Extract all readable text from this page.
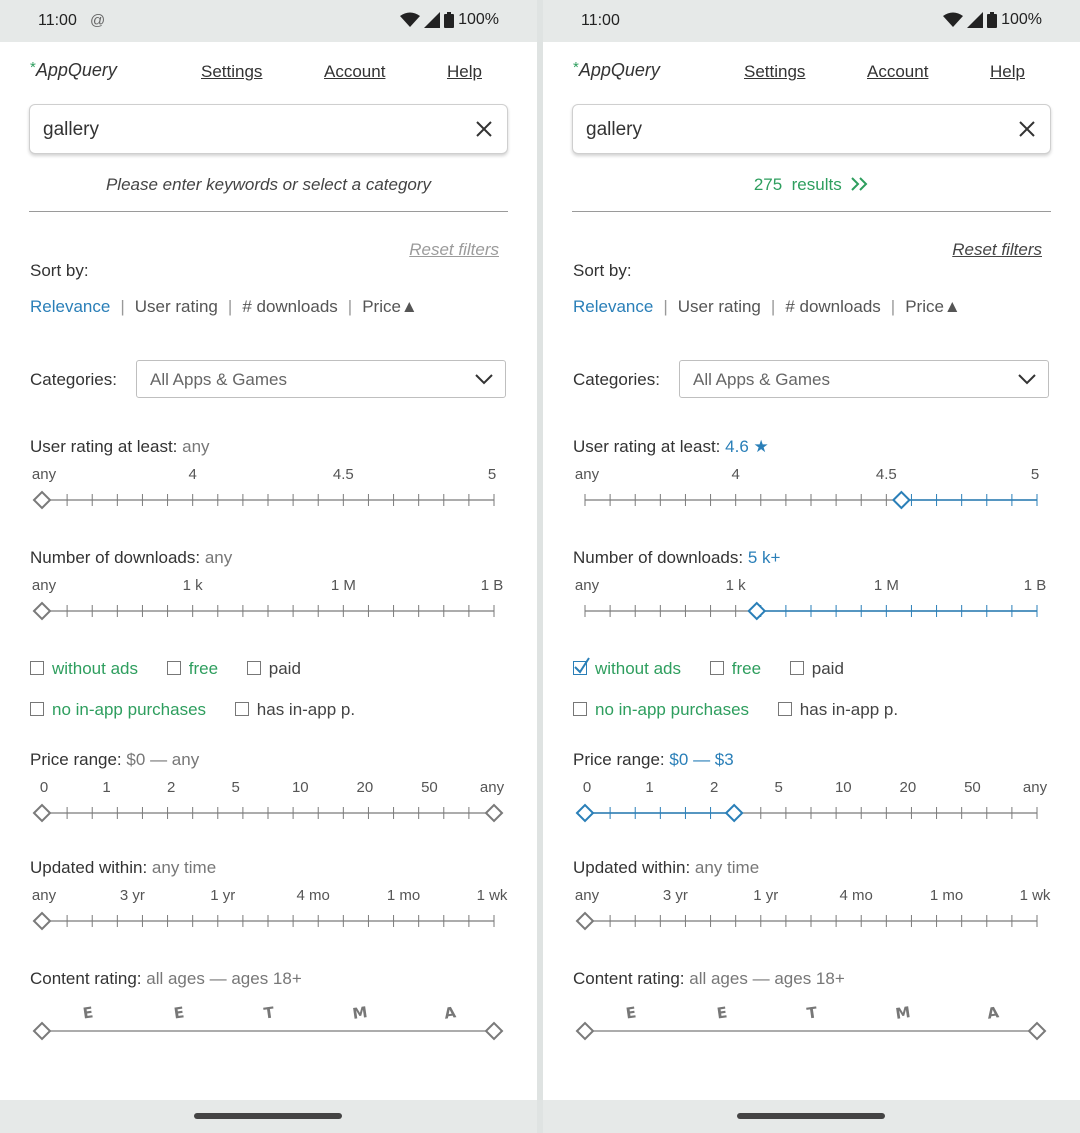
11:00 @	100%
*AppQuery	Settings	Account	Help
gallery
Please enter keywords or select a category
Reset filters
Sort by:
Relevance | User rating | # downloads | Price▲
Categories: All Apps & Games
User rating at least: any
Number of downloads: any
without ads	free	paid
no in-app purchases	has in-app p.
Price range: $0 — any
Updated within: any time
Content rating: all ages — ages 18+
any	4	4.5	5
any	1 k	1 M	1 B
0	1	2	5	10	20	50	any
any	3 yr	1 yr	4 mo	1 mo	1 wk
E	E	T	M	A
11:00	100%
*AppQuery	Settings	Account	Help
gallery
275 results
Reset filters
Sort by:
Relevance | User rating | # downloads | Price▲
Categories: All Apps & Games
User rating at least: 4.6 ★
Number of downloads: 5 k+
without ads	free	paid
no in-app purchases	has in-app p.
Price range: $0 — $3
Updated within: any time
Content rating: all ages — ages 18+
any	4	4.5	5
any	1 k	1 M	1 B
0	1	2	5	10	20	50	any
any	3 yr	1 yr	4 mo	1 mo	1 wk
E	E	T	M	A
